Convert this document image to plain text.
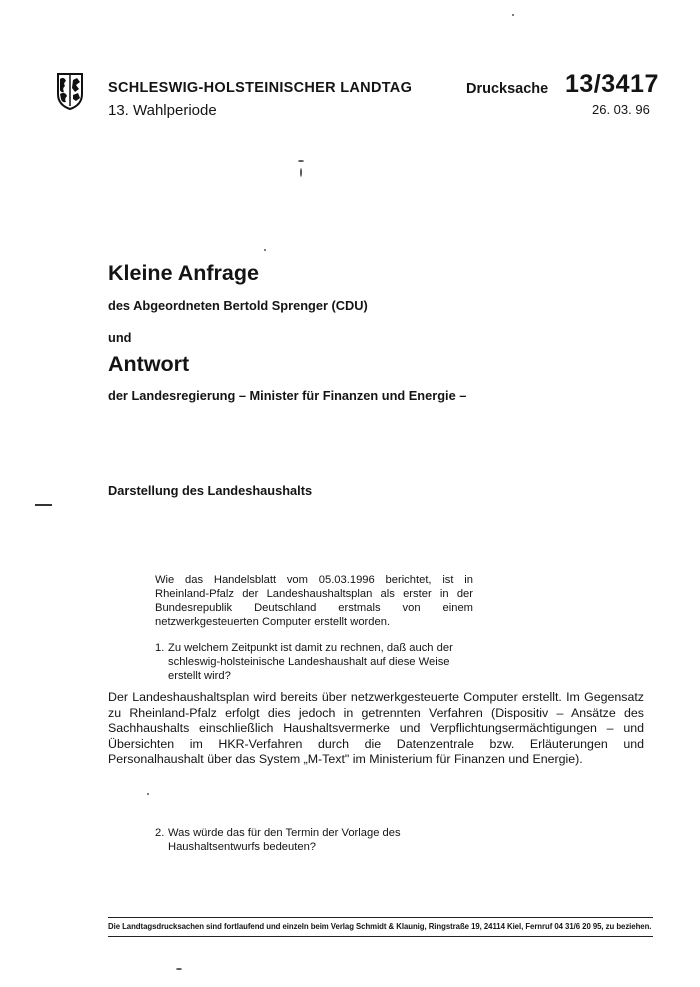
SCHLESWIG-HOLSTEINISCHER LANDTAG
13. Wahlperiode
Drucksache 13/3417
26. 03. 96
Kleine Anfrage
des Abgeordneten Bertold Sprenger (CDU)
und
Antwort
der Landesregierung – Minister für Finanzen und Energie –
Darstellung des Landeshaushalts
Wie das Handelsblatt vom 05.03.1996 berichtet, ist in Rheinland-Pfalz der Landeshaushaltsplan als erster in der Bundesrepublik Deutschland erstmals von einem netzwerkgesteuerten Computer erstellt worden.
1. Zu welchem Zeitpunkt ist damit zu rechnen, daß auch der schleswig-holsteinische Landeshaushalt auf diese Weise erstellt wird?
Der Landeshaushaltsplan wird bereits über netzwerkgesteuerte Computer erstellt. Im Gegensatz zu Rheinland-Pfalz erfolgt dies jedoch in getrennten Verfahren (Dispositiv – Ansätze des Sachhaushalts einschließlich Haushaltsvermerke und Verpflichtungsermächtigungen – und Übersichten im HKR-Verfahren durch die Datenzentrale bzw. Erläuterungen und Personalhaushalt über das System „M-Text" im Ministerium für Finanzen und Energie).
2. Was würde das für den Termin der Vorlage des Haushaltsentwurfs bedeuten?
Die Landtagsdrucksachen sind fortlaufend und einzeln beim Verlag Schmidt & Klaunig, Ringstraße 19, 24114 Kiel, Fernruf 04 31/6 20 95, zu beziehen.
